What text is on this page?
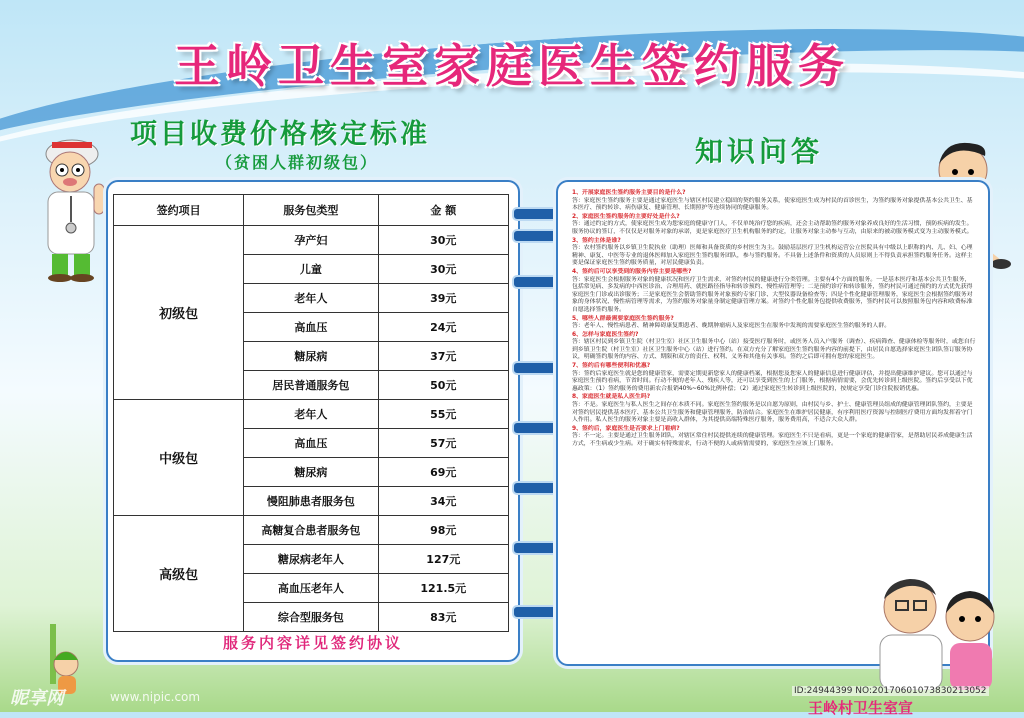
王岭卫生室家庭医生签约服务
项目收费价格核定标准
（贫困人群初级包）	知识问答
签约项目	服务包类型	金 额
初级包	孕产妇	30元
	儿童	30元
	老年人	39元
	高血压	24元
	糖尿病	37元
	居民普通服务包	50元
中级包	老年人	55元
	高血压	57元
	糖尿病	69元
	慢阻肺患者服务包	34元
高级包	高糖复合患者服务包	98元
	糖尿病老年人	127元
	高血压老年人	121.5元
	综合型服务包	83元
服务内容详见签约协议
1、开展家庭医生签约服务主要目的是什么?
答：家庭医生签约服务主要是通过家庭医生与辖区村民建立稳固的契约服务关系，使家庭医生成为村民的首诊医生，为签约服务对象提供基本公共卫生、基本医疗、预约转诊、病伤康复、健康管理、长期照护等连续协同的健康服务。
2、家庭医生签约服务的主要好处是什么?
答：通过约定的方式，使家庭医生成为您家庭的健康守门人，不仅单纯治疗您的疾病，还会主动帮助签约服务对象养成良好的生活习惯，预防疾病的发生。服务协议的签订，不仅仅是对服务对象的承诺，更是家庭医疗卫生机构服务的约定，让服务对象主动参与互动，由原来的被动服务模式变为主动服务模式。
3、签约主体是谁?
答：农村签约服务以乡镇卫生院执业（助理）医师和具备资质的乡村医生为主。鼓励基层医疗卫生机构运营公立医院具有中级以上职称的内、儿、妇、心理精神、康复、中医等专业的退休医师加入家庭医生签约服务团队，参与签约服务。不具备上述条件和资质的人员原则上不得负责承担签约服务任务。这样主要是保证家庭医生签约服务质量，对居民健康负责。
4、签约后可以享受到的服务内容主要是哪些?
答：家庭医生会根据服务对象的健康状况和医疗卫生需求，对签约村民的健康进行分类管理。主要有4个方面的服务。一是基本医疗和基本公共卫生服务，包括常见病、多发病的中西医诊治、合理用药、就医路径指导和转诊预约、慢性病管理等；二是预约诊疗和转诊服务，签约村民可通过预约的方式优先获得家庭医生门诊或出诊服务；三是家庭医生会帮助签约服务对象预约专家门诊、大型仪器设备检查等；四是个性化健康管理服务，家庭医生会根据签约服务对象的身体状况、慢性病管理等需求，为签约服务对象量身制定健康管理方案。对签约个性化服务包提供收费服务，签约村民可以按照服务包内容和收费标准自愿选择签约服务。
5、哪些人群最需要家庭医生签约服务?
答：老年人、慢性病患者、精神障碍康复期患者、晚期肿瘤病人及家庭医生在服务中发现的需要家庭医生签约服务的人群。
6、怎样与家庭医生签约?
答：辖区村民到乡镇卫生院（村卫生室）社区卫生服务中心（站）接受医疗服务时，或医务人员入户服务（调查）、疾病筛查、健康体检等服务时，或您自行到乡镇卫生院（村卫生室）社区卫生服务中心（站）进行签约。在双方充分了解家庭医生签约服务内容的前提下，由居民自愿选择家庭医生团队签订服务协议，明确签约服务的内容、方式、期限和双方的责任、权利、义务和其他有关事项。签约之后即可拥有您的家庭医生。
7、签约后有哪些便利和优惠?
答：签约后家庭医生就是您的健康管家，需要定期更新您家人的健康档案，根据您及您家人的健康信息进行健康评估，并提出健康维护建议。您可以通过与家庭医生预约看病，节省时间。行动不便的老年人、残疾人等，还可以享受到医生的上门服务，根据病情需要，会优先转诊到上级医院。签约后享受以下优惠政策：（1）签约服务的费用新农合报销40%~60%比例补偿；（2）通过家庭医生转诊到上级医院的，按规定享受门诊住院报销优惠。
8、家庭医生就是私人医生吗?
答：不是。家庭医生与私人医生之间存在本质不同。家庭医生签约服务是以自愿为原则，由村民与乡、护士、健康管理员组成的健康管理团队签约，主要是对签约居民提供基本医疗、基本公共卫生服务和健康管理服务，防治结合。家庭医生在维护居民健康，有序利用医疗资源与控制医疗费用方面均发挥着守门人作用。私人医生的服务对象主要是高收入群体，为其提供高端特殊医疗服务，服务费用高，不适合大众人群。
9、签约后，家庭医生是否要求上门看病?
答：不一定。主要是通过卫生服务团队，对辖区常住村民提供连续的健康管理。家庭医生不只是看病，更是一个家庭的健康管家，是帮助居民养成健康生活方式，不生病或少生病。对于确实有特殊需求，行动不便的人或病情需要的，家庭医生应该上门服务。
昵享网	www.nipic.com	ID:24944399 NO:20170601073830213052
王岭村卫生室宣
